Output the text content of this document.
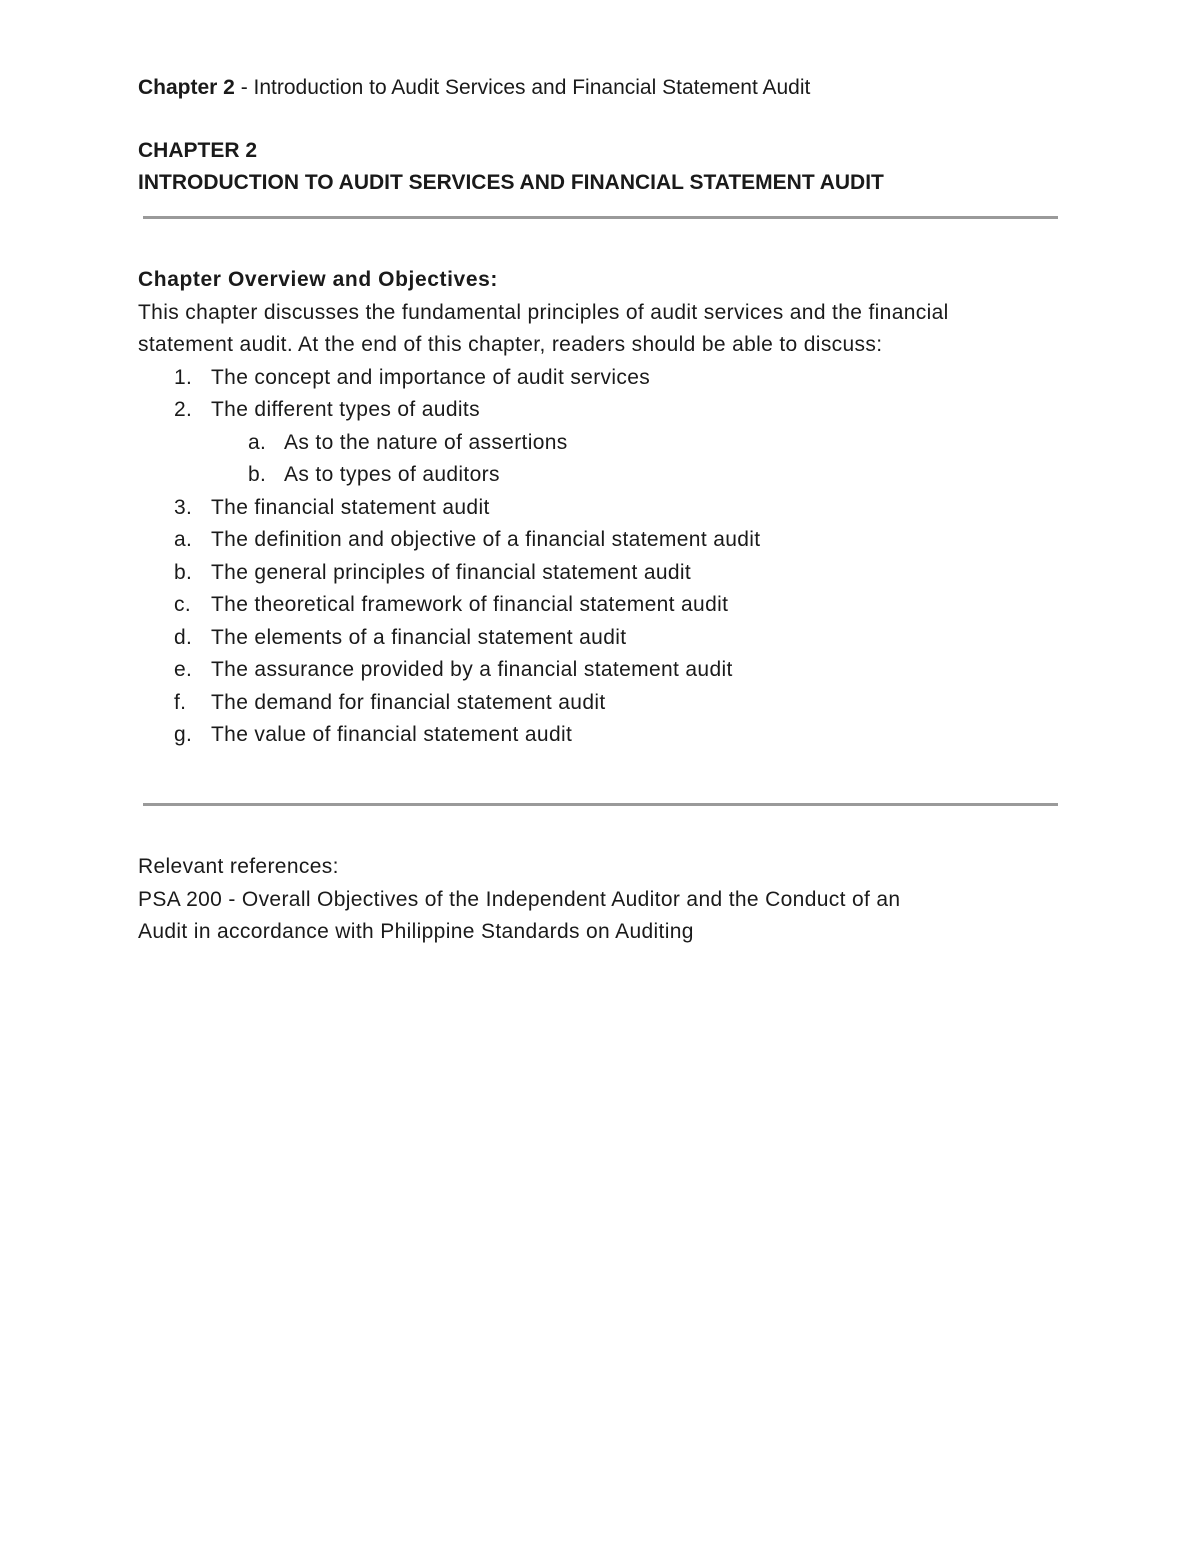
Chapter 2 - Introduction to Audit Services and Financial Statement Audit
CHAPTER 2
INTRODUCTION TO AUDIT SERVICES AND FINANCIAL STATEMENT AUDIT
Chapter Overview and Objectives:
This chapter discusses the fundamental principles of audit services and the financial
statement audit. At the end of this chapter, readers should be able to discuss:
1. The concept and importance of audit services
2. The different types of audits
a. As to the nature of assertions
b. As to types of auditors
3. The financial statement audit
a. The definition and objective of a financial statement audit
b. The general principles of financial statement audit
c. The theoretical framework of financial statement audit
d. The elements of a financial statement audit
e. The assurance provided by a financial statement audit
f. The demand for financial statement audit
g. The value of financial statement audit
Relevant references:
PSA 200 - Overall Objectives of the Independent Auditor and the Conduct of an
Audit in accordance with Philippine Standards on Auditing
